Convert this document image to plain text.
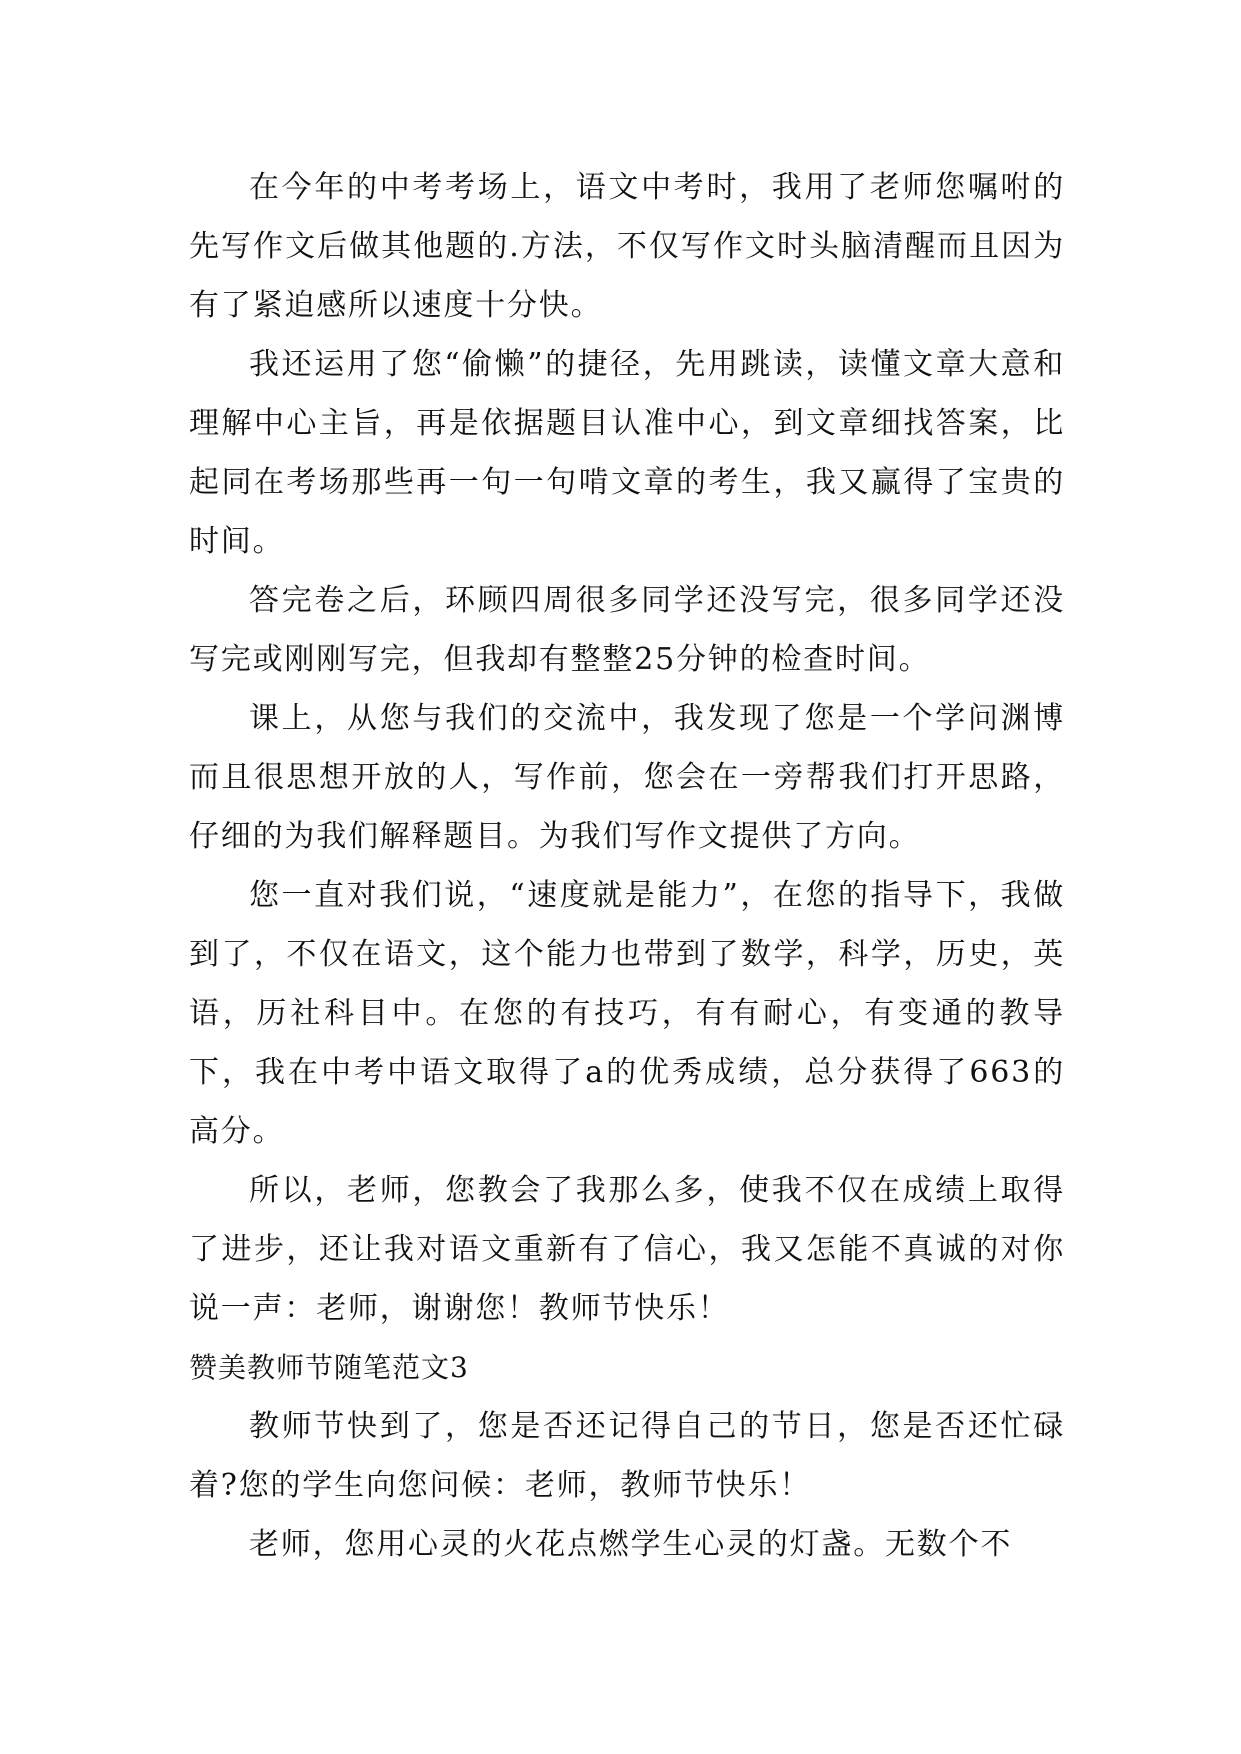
在今年的中考考场上，语文中考时，我用了老师您嘱咐的先写作文后做其他题的.方法，不仅写作文时头脑清醒而且因为有了紧迫感所以速度十分快。

我还运用了您“偷懒”的捷径，先用跳读，读懂文章大意和理解中心主旨，再是依据题目认准中心，到文章细找答案，比起同在考场那些再一句一句啃文章的考生，我又赢得了宝贵的时间。

答完卷之后，环顾四周很多同学还没写完，很多同学还没写完或刚刚写完，但我却有整整25分钟的检查时间。

课上，从您与我们的交流中，我发现了您是一个学问渊博而且很思想开放的人，写作前，您会在一旁帮我们打开思路，仔细的为我们解释题目。为我们写作文提供了方向。

您一直对我们说，“速度就是能力”，在您的指导下，我做到了，不仅在语文，这个能力也带到了数学，科学，历史，英语，历社科目中。在您的有技巧，有有耐心，有变通的教导下，我在中考中语文取得了a的优秀成绩，总分获得了663的高分。

所以，老师，您教会了我那么多，使我不仅在成绩上取得了进步，还让我对语文重新有了信心，我又怎能不真诚的对你说一声：老师，谢谢您！教师节快乐！

赞美教师节随笔范文3

教师节快到了，您是否还记得自己的节日，您是否还忙碌着?您的学生向您问候：老师，教师节快乐！

老师，您用心灵的火花点燃学生心灵的灯盏。无数个不
